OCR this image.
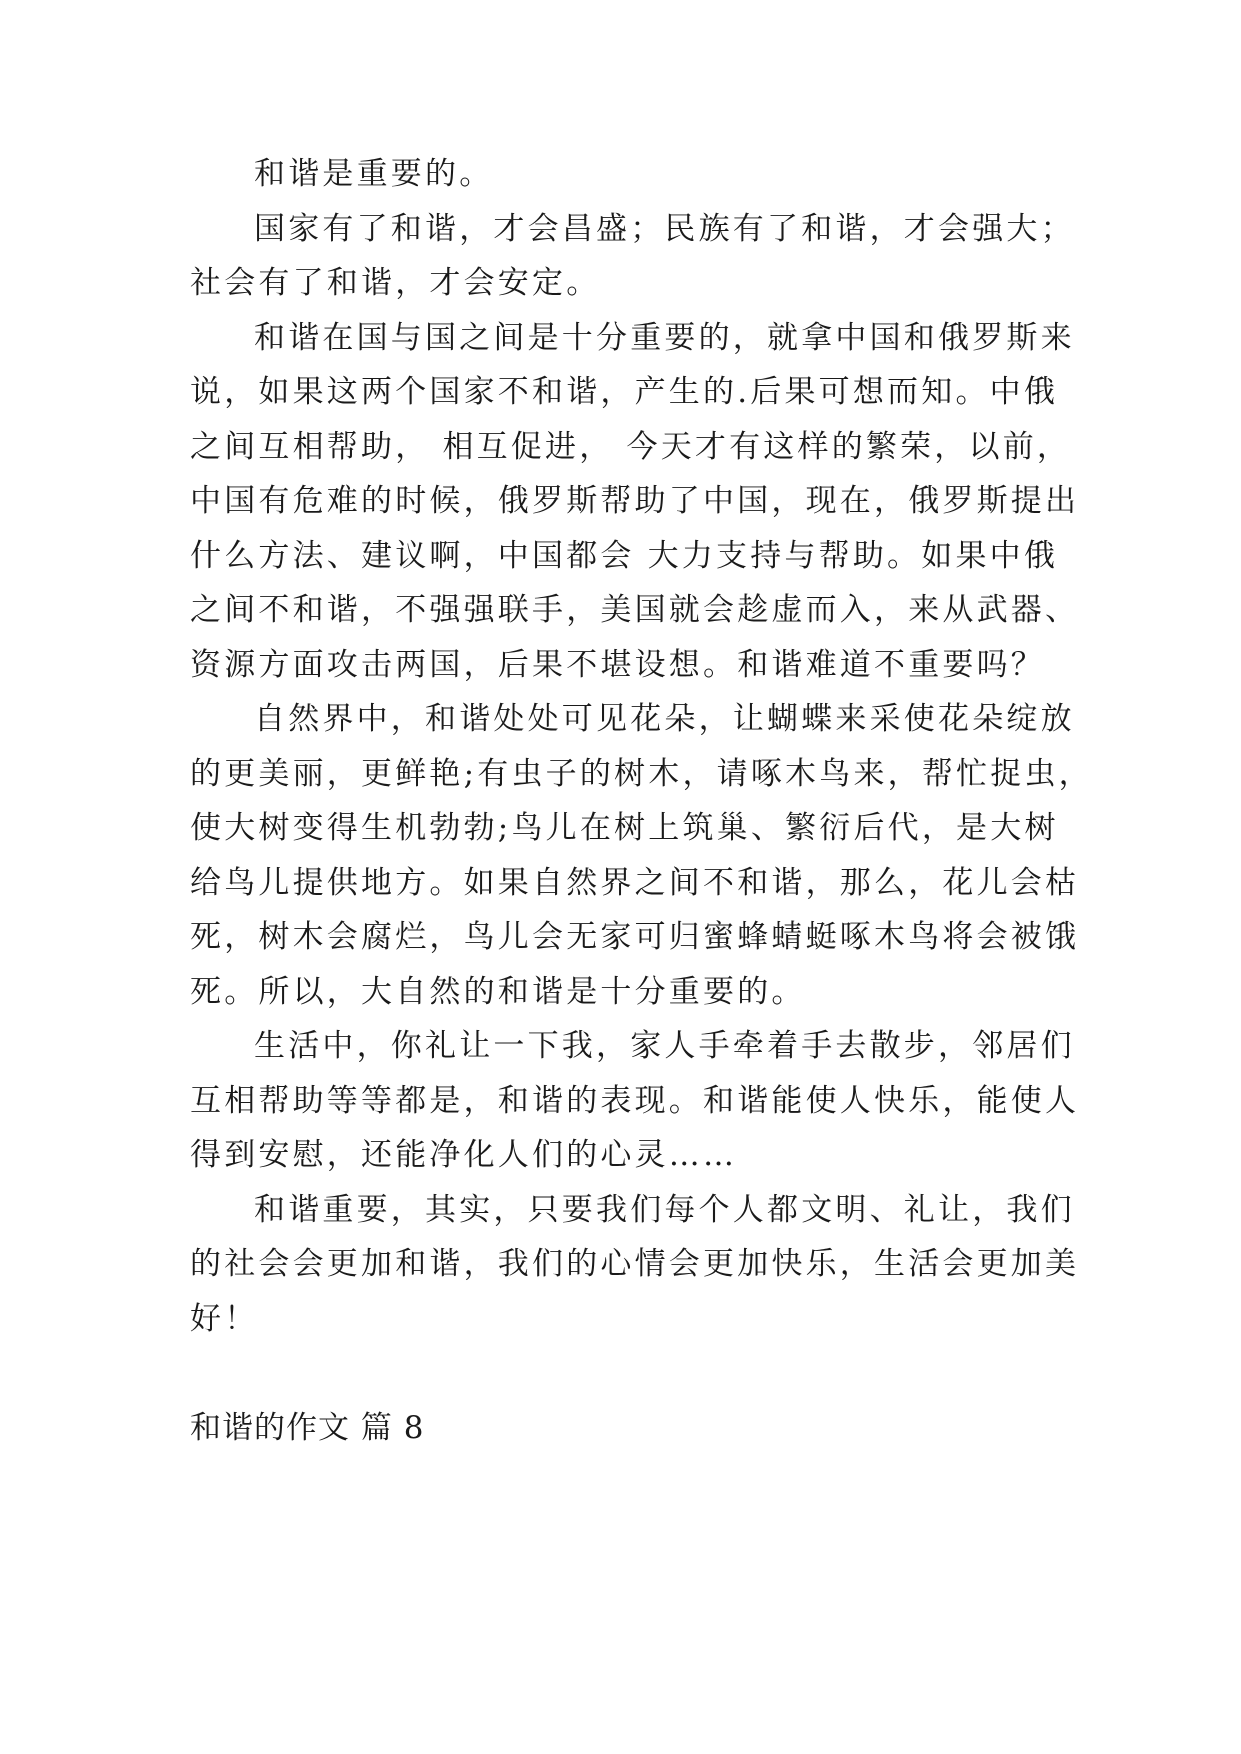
和谐是重要的。
国家有了和谐，才会昌盛；民族有了和谐，才会强大；
社会有了和谐，才会安定。
和谐在国与国之间是十分重要的，就拿中国和俄罗斯来
说，如果这两个国家不和谐，产生的.后果可想而知。中俄
之间互相帮助， 相互促进， 今天才有这样的繁荣，以前，
中国有危难的时候，俄罗斯帮助了中国，现在，俄罗斯提出
什么方法、建议啊，中国都会 大力支持与帮助。如果中俄
之间不和谐，不强强联手，美国就会趁虚而入，来从武器、
资源方面攻击两国，后果不堪设想。和谐难道不重要吗？
自然界中，和谐处处可见花朵，让蝴蝶来采使花朵绽放
的更美丽，更鲜艳;有虫子的树木，请啄木鸟来，帮忙捉虫，
使大树变得生机勃勃;鸟儿在树上筑巢、繁衍后代，是大树
给鸟儿提供地方。如果自然界之间不和谐，那么，花儿会枯
死，树木会腐烂，鸟儿会无家可归蜜蜂蜻蜓啄木鸟将会被饿
死。所以，大自然的和谐是十分重要的。
生活中，你礼让一下我，家人手牵着手去散步，邻居们
互相帮助等等都是，和谐的表现。和谐能使人快乐，能使人
得到安慰，还能净化人们的心灵……
和谐重要，其实，只要我们每个人都文明、礼让，我们
的社会会更加和谐，我们的心情会更加快乐，生活会更加美
好！
和谐的作文 篇 8
